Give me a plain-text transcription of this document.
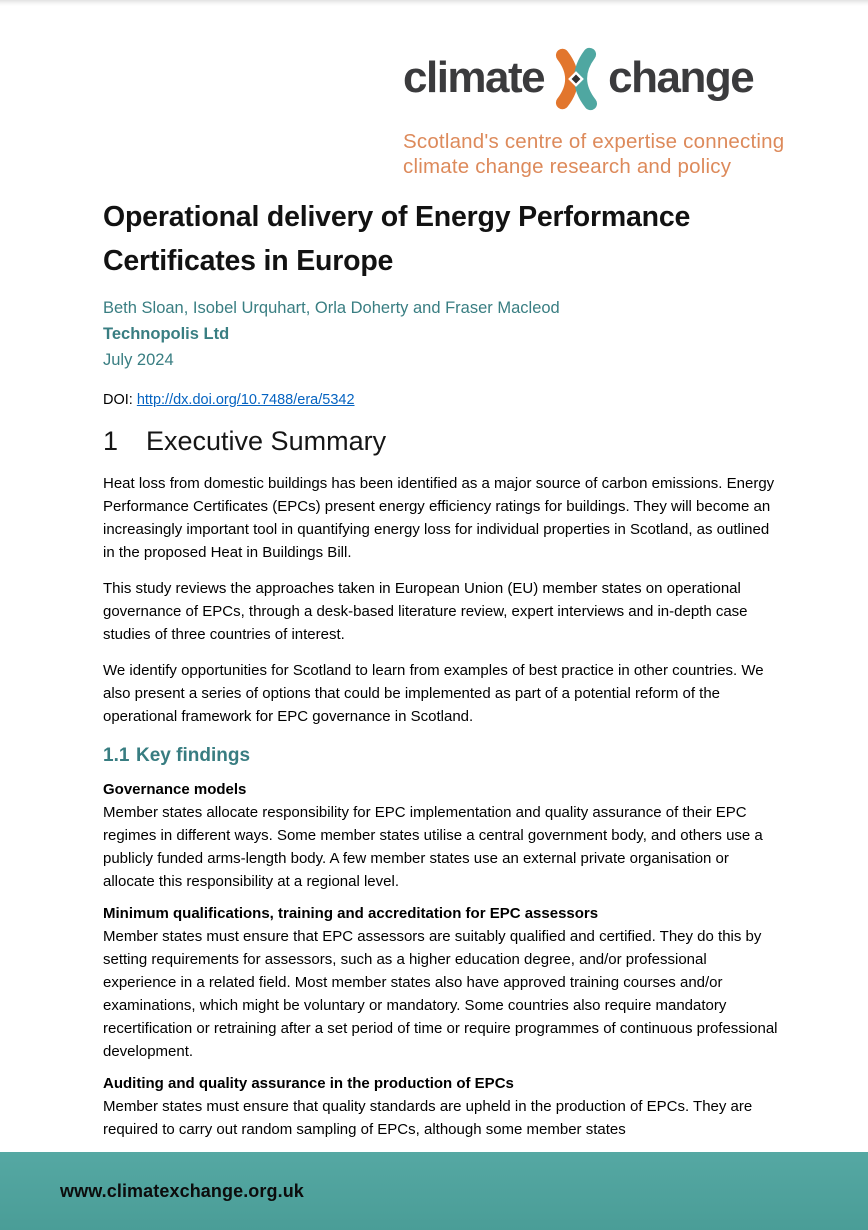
climate change
Scotland's centre of expertise connecting
climate change research and policy
Operational delivery of Energy Performance Certificates in Europe
Beth Sloan, Isobel Urquhart, Orla Doherty and Fraser Macleod
Technopolis Ltd
July 2024
DOI: http://dx.doi.org/10.7488/era/5342
1	Executive Summary

Heat loss from domestic buildings has been identified as a major source of carbon emissions. Energy Performance Certificates (EPCs) present energy efficiency ratings for buildings. They will become an increasingly important tool in quantifying energy loss for individual properties in Scotland, as outlined in the proposed Heat in Buildings Bill.

This study reviews the approaches taken in European Union (EU) member states on operational governance of EPCs, through a desk-based literature review, expert interviews and in-depth case studies of three countries of interest.

We identify opportunities for Scotland to learn from examples of best practice in other countries. We also present a series of options that could be implemented as part of a potential reform of the operational framework for EPC governance in Scotland.

1.1 Key findings
Governance models
Member states allocate responsibility for EPC implementation and quality assurance of their EPC regimes in different ways. Some member states utilise a central government body, and others use a publicly funded arms-length body. A few member states use an external private organisation or allocate this responsibility at a regional level.
Minimum qualifications, training and accreditation for EPC assessors
Member states must ensure that EPC assessors are suitably qualified and certified. They do this by setting requirements for assessors, such as a higher education degree, and/or professional experience in a related field. Most member states also have approved training courses and/or examinations, which might be voluntary or mandatory. Some countries also require mandatory recertification or retraining after a set period of time or require programmes of continuous professional development.
Auditing and quality assurance in the production of EPCs
Member states must ensure that quality standards are upheld in the production of EPCs. They are required to carry out random sampling of EPCs, although some member states
www.climatexchange.org.uk
